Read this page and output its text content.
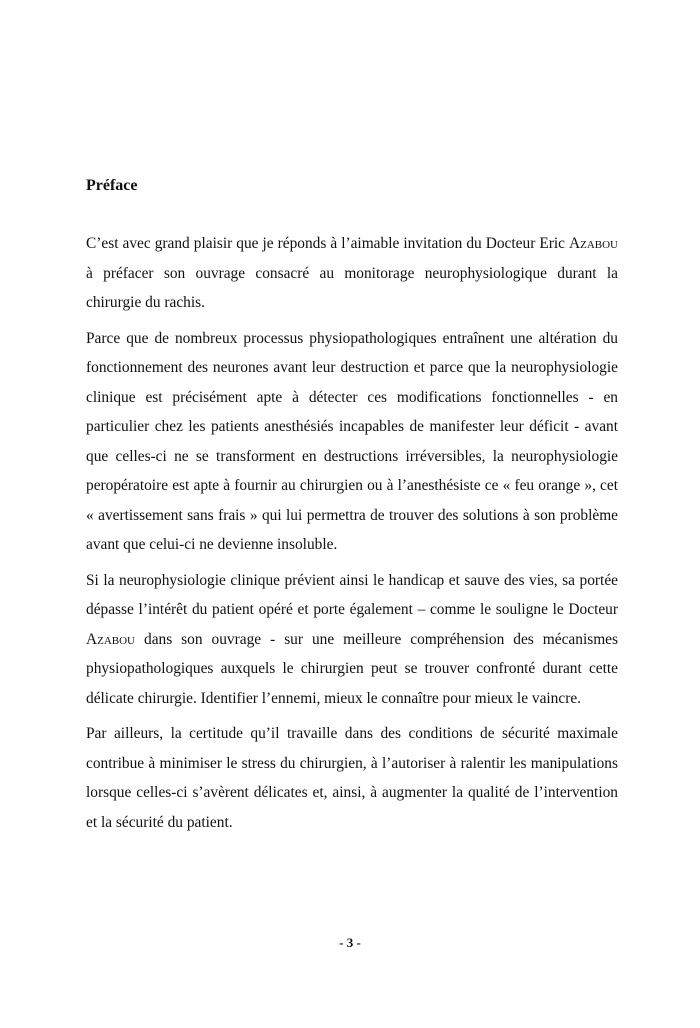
Préface

C’est avec grand plaisir que je réponds à l’aimable invitation du Docteur Eric Azabou à préfacer son ouvrage consacré au monitorage neurophysiologique durant la chirurgie du rachis.

Parce que de nombreux processus physiopathologiques entraînent une altération du fonctionnement des neurones avant leur destruction et parce que la neurophysiologie clinique est précisément apte à détecter ces modifications fonctionnelles - en particulier chez les patients anesthésiés incapables de manifester leur déficit - avant que celles-ci ne se transforment en destructions irréversibles, la neurophysiologie peropératoire est apte à fournir au chirurgien ou à l’anesthésiste ce « feu orange », cet « avertissement sans frais » qui lui permettra de trouver des solutions à son problème avant que celui-ci ne devienne insoluble.

Si la neurophysiologie clinique prévient ainsi le handicap et sauve des vies, sa portée dépasse l’intérêt du patient opéré et porte également – comme le souligne le Docteur Azabou dans son ouvrage - sur une meilleure compréhension des mécanismes physiopathologiques auxquels le chirurgien peut se trouver confronté durant cette délicate chirurgie. Identifier l’ennemi, mieux le connaître pour mieux le vaincre.

Par ailleurs, la certitude qu’il travaille dans des conditions de sécurité maximale contribue à minimiser le stress du chirurgien, à l’autoriser à ralentir les manipulations lorsque celles-ci s’avèrent délicates et, ainsi, à augmenter la qualité de l’intervention et la sécurité du patient.

- 3 -
